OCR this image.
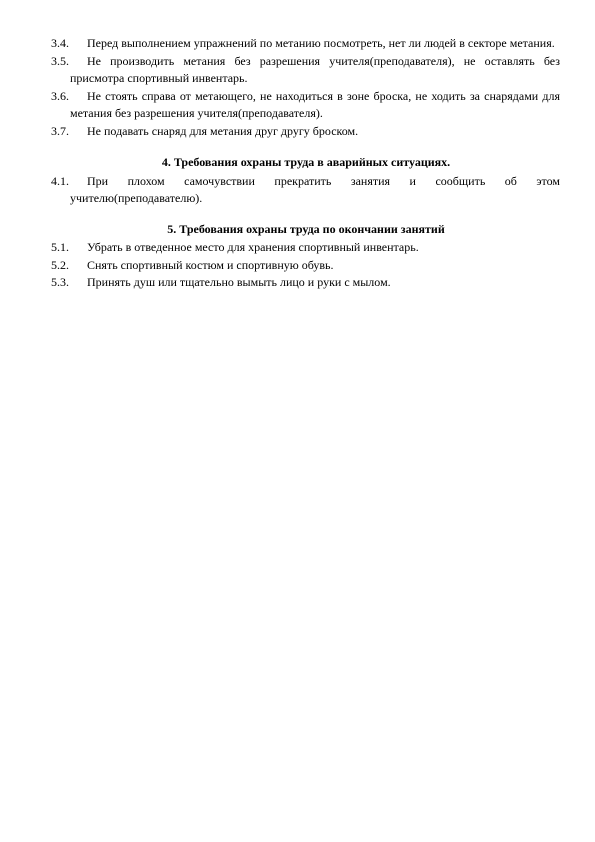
3.4.	Перед выполнением упражнений по метанию посмотреть, нет ли людей в секторе метания.

3.5.	Не производить метания без разрешения учителя(преподавателя), не оставлять без присмотра спортивный инвентарь.

3.6.	Не стоять справа от метающего, не находиться в зоне броска, не ходить за снарядами для метания без разрешения учителя(преподавателя).

3.7.	Не подавать снаряд для метания друг другу броском.

4. Требования охраны труда в аварийных ситуациях.

4.1.	При плохом самочувствии прекратить занятия и сообщить об этом учителю(преподавателю).

5. Требования охраны труда по окончании занятий

5.1.	Убрать в отведенное место для хранения спортивный инвентарь.

5.2.	Снять спортивный костюм и спортивную обувь.

5.3.	Принять душ или тщательно вымыть лицо и руки с мылом.
